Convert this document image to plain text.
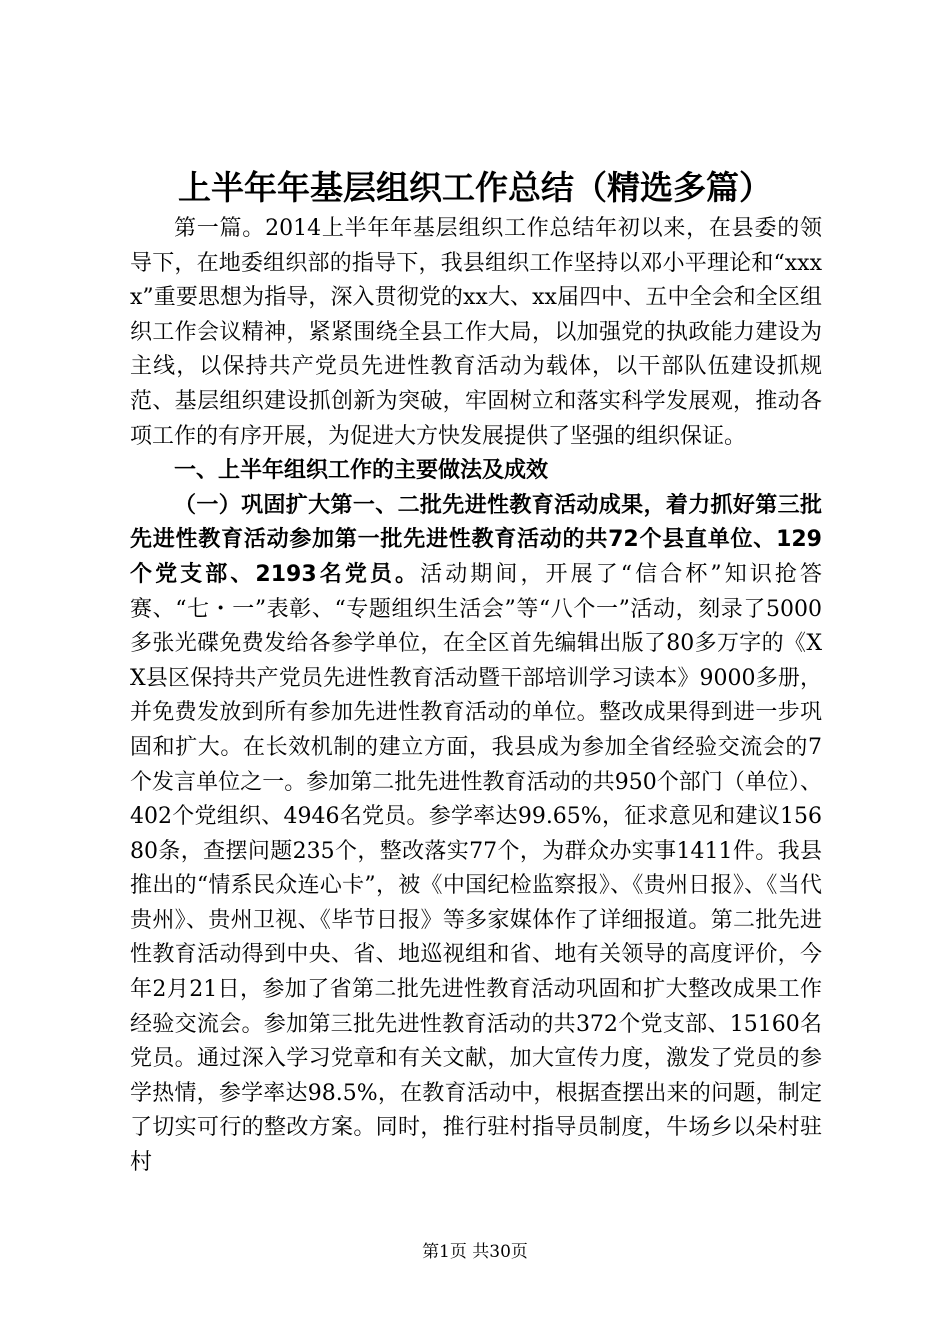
上半年年基层组织工作总结（精选多篇）

第一篇。2014上半年年基层组织工作总结年初以来，在县委的领导下，在地委组织部的指导下，我县组织工作坚持以邓小平理论和“xxxx”重要思想为指导，深入贯彻党的xx大、xx届四中、五中全会和全区组织工作会议精神，紧紧围绕全县工作大局，以加强党的执政能力建设为主线，以保持共产党员先进性教育活动为载体，以干部队伍建设抓规范、基层组织建设抓创新为突破，牢固树立和落实科学发展观，推动各项工作的有序开展，为促进大方快发展提供了坚强的组织保证。

一、上半年组织工作的主要做法及成效

（一）巩固扩大第一、二批先进性教育活动成果，着力抓好第三批先进性教育活动参加第一批先进性教育活动的共72个县直单位、129个党支部、2193名党员。活动期间，开展了“信合杯”知识抢答赛、“七・一”表彰、“专题组织生活会”等“八个一”活动，刻录了5000多张光碟免费发给各参学单位，在全区首先编辑出版了80多万字的《XX县区保持共产党员先进性教育活动暨干部培训学习读本》9000多册，并免费发放到所有参加先进性教育活动的单位。整改成果得到进一步巩固和扩大。在长效机制的建立方面，我县成为参加全省经验交流会的7个发言单位之一。参加第二批先进性教育活动的共950个部门（单位）、402个党组织、4946名党员。参学率达99.65%，征求意见和建议15680条，查摆问题235个，整改落实77个，为群众办实事1411件。我县推出的“情系民众连心卡”，被《中国纪检监察报》、《贵州日报》、《当代贵州》、贵州卫视、《毕节日报》等多家媒体作了详细报道。第二批先进性教育活动得到中央、省、地巡视组和省、地有关领导的高度评价，今年2月21日，参加了省第二批先进性教育活动巩固和扩大整改成果工作经验交流会。参加第三批先进性教育活动的共372个党支部、15160名党员。通过深入学习党章和有关文献，加大宣传力度，激发了党员的参学热情，参学率达98.5%，在教育活动中，根据查摆出来的问题，制定了切实可行的整改方案。同时，推行驻村指导员制度，牛场乡以朵村驻村

第1页 共30页
